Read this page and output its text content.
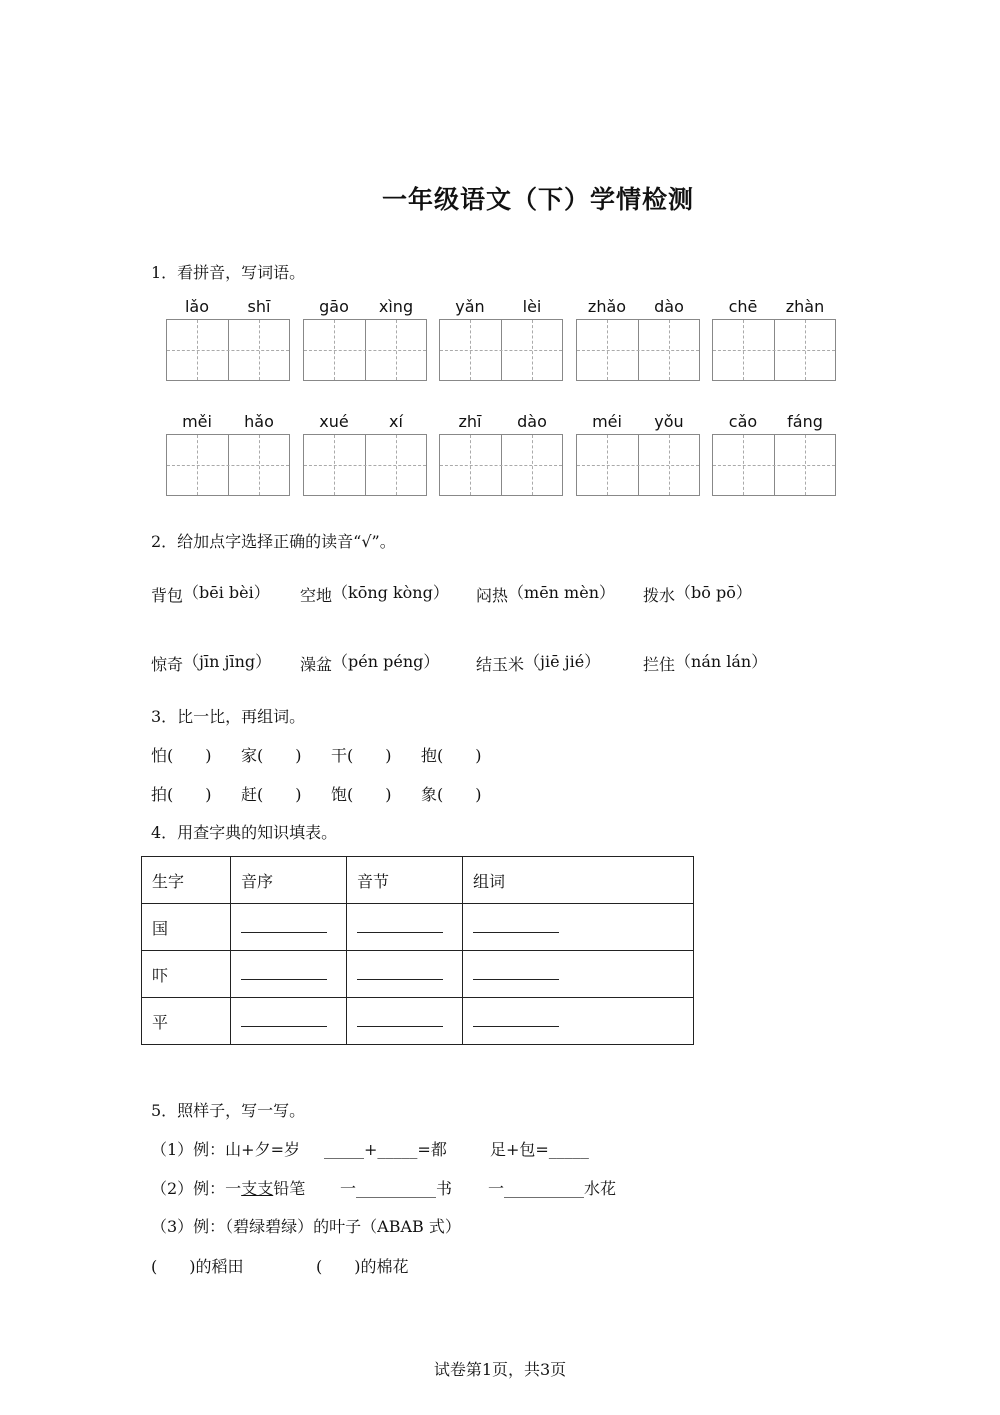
一年级语文（下）学情检测
1．看拼音，写词语。
lǎo	shī	gāo	xìng	yǎn	lèi	zhǎo	dào	chē	zhàn
měi	hǎo	xué	xí	zhī	dào	méi	yǒu	cǎo	fáng
2．给加点字选择正确的读音“√”。
背包（bēi bèi） 空地（kōng kòng） 闷热（mēn mèn） 拨水（bō pō）
惊奇（jīn jīng） 澡盆（pén péng） 结玉米（jiē jié）	拦住（nán lán）
3．比一比，再组词。
怕(　　) 家(　　) 干(　　) 抱(　　)
拍(　　) 赶(　　) 饱(　　) 象(　　)
4．用查字典的知识填表。
生字	音序	音节	组词
国			
吓			
平			
5．照样子，写一写。
（1）例：山+夕=岁 _____+_____=都	足+包=_____
（2）例：一支支铅笔 一__________书 一__________水花
（3）例：（碧绿碧绿）的叶子（ABAB 式）
(　　)的稻田	(　　)的棉花
试卷第1页，共3页
